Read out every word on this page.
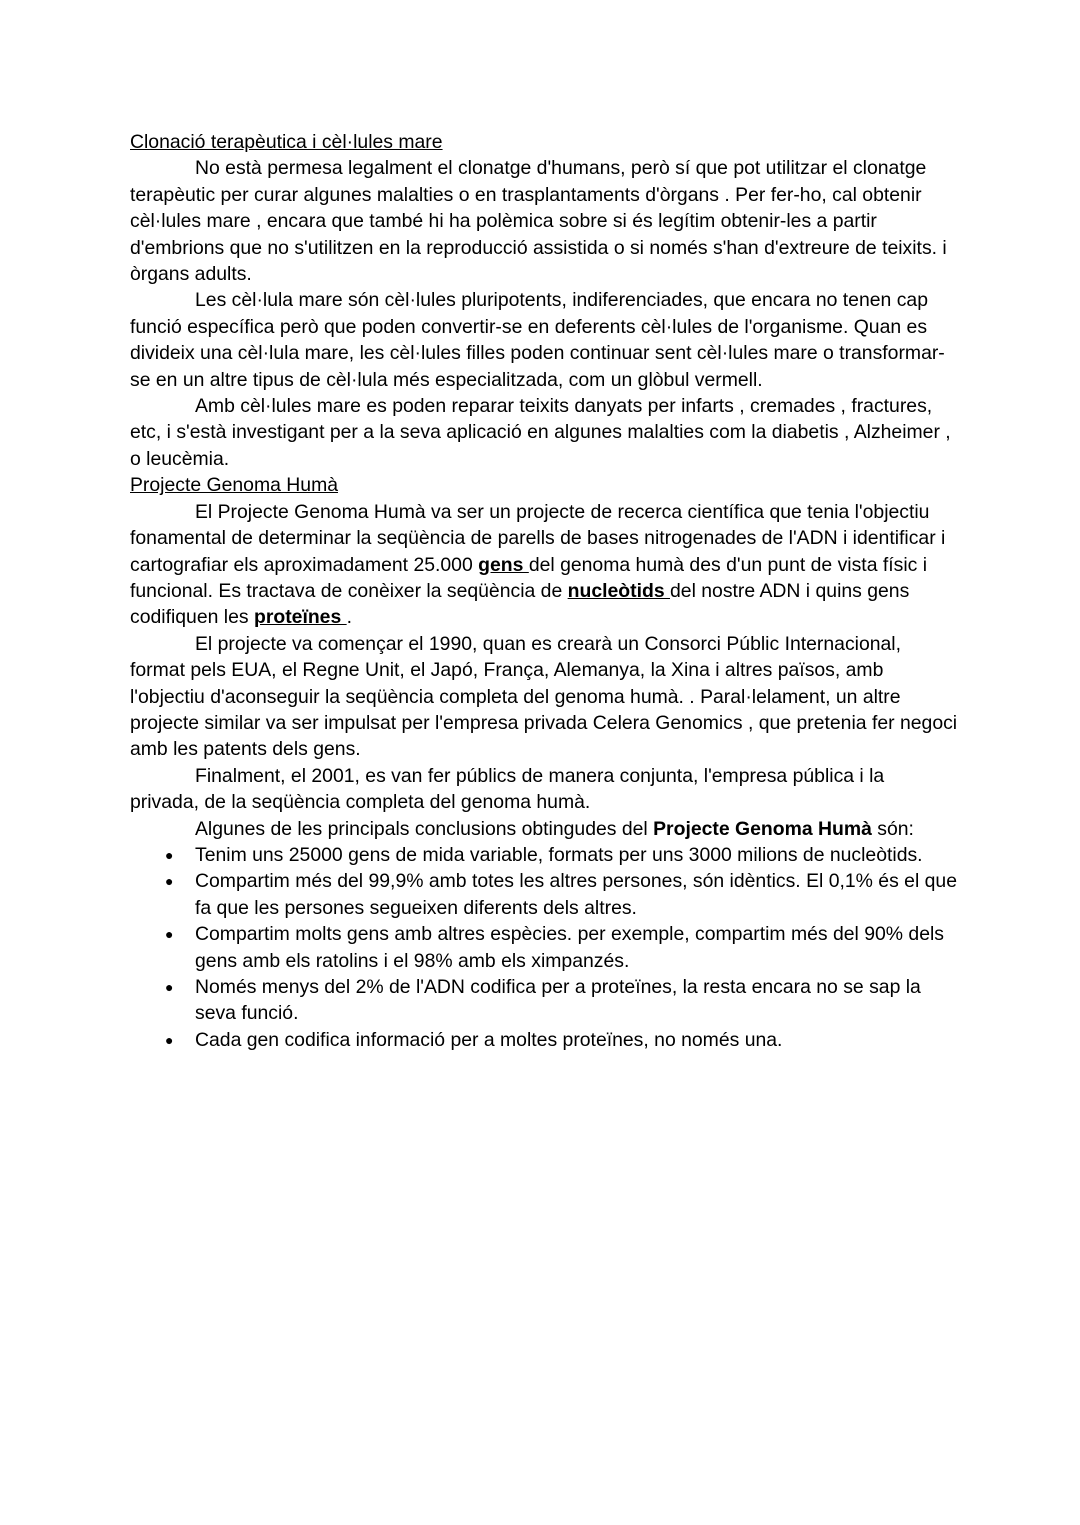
Clonació terapèutica i cèl·lules mare

No està permesa legalment el clonatge d'humans, però sí que pot utilitzar el clonatge terapèutic per curar algunes malalties o en trasplantaments d'òrgans . Per fer-ho, cal obtenir cèl·lules mare , encara que també hi ha polèmica sobre si és legítim obtenir-les a partir d'embrions que no s'utilitzen en la reproducció assistida o si només s'han d'extreure de teixits. i òrgans adults.

Les cèl·lula mare són cèl·lules pluripotents, indiferenciades, que encara no tenen cap funció específica però que poden convertir-se en deferents cèl·lules de l'organisme. Quan es divideix una cèl·lula mare, les cèl·lules filles poden continuar sent cèl·lules mare o transformar-se en un altre tipus de cèl·lula més especialitzada, com un glòbul vermell.

Amb cèl·lules mare es poden reparar teixits danyats per infarts , cremades , fractures, etc, i s'està investigant per a la seva aplicació en algunes malalties com la diabetis , Alzheimer , o leucèmia.

Projecte Genoma Humà

El Projecte Genoma Humà va ser un projecte de recerca científica que tenia l'objectiu fonamental de determinar la seqüència de parells de bases nitrogenades de l'ADN i identificar i cartografiar els aproximadament 25.000 gens del genoma humà des d'un punt de vista físic i funcional. Es tractava de conèixer la seqüència de nucleòtids del nostre ADN i quins gens codifiquen les proteïnes .

El projecte va començar el 1990, quan es crearà un Consorci Públic Internacional, format pels EUA, el Regne Unit, el Japó, França, Alemanya, la Xina i altres països, amb l'objectiu d'aconseguir la seqüència completa del genoma humà. . Paral·lelament, un altre projecte similar va ser impulsat per l'empresa privada Celera Genomics , que pretenia fer negoci amb les patents dels gens.

Finalment, el 2001, es van fer públics de manera conjunta, l'empresa pública i la privada, de la seqüència completa del genoma humà.

Algunes de les principals conclusions obtingudes del Projecte Genoma Humà són:

● Tenim uns 25000 gens de mida variable, formats per uns 3000 milions de nucleòtids.
● Compartim més del 99,9% amb totes les altres persones, són idèntics. El 0,1% és el que fa que les persones segueixen diferents dels altres.
● Compartim molts gens amb altres espècies. per exemple, compartim més del 90% dels gens amb els ratolins i el 98% amb els ximpanzés.
● Només menys del 2% de l'ADN codifica per a proteïnes, la resta encara no se sap la seva funció.
● Cada gen codifica informació per a moltes proteïnes, no només una.
